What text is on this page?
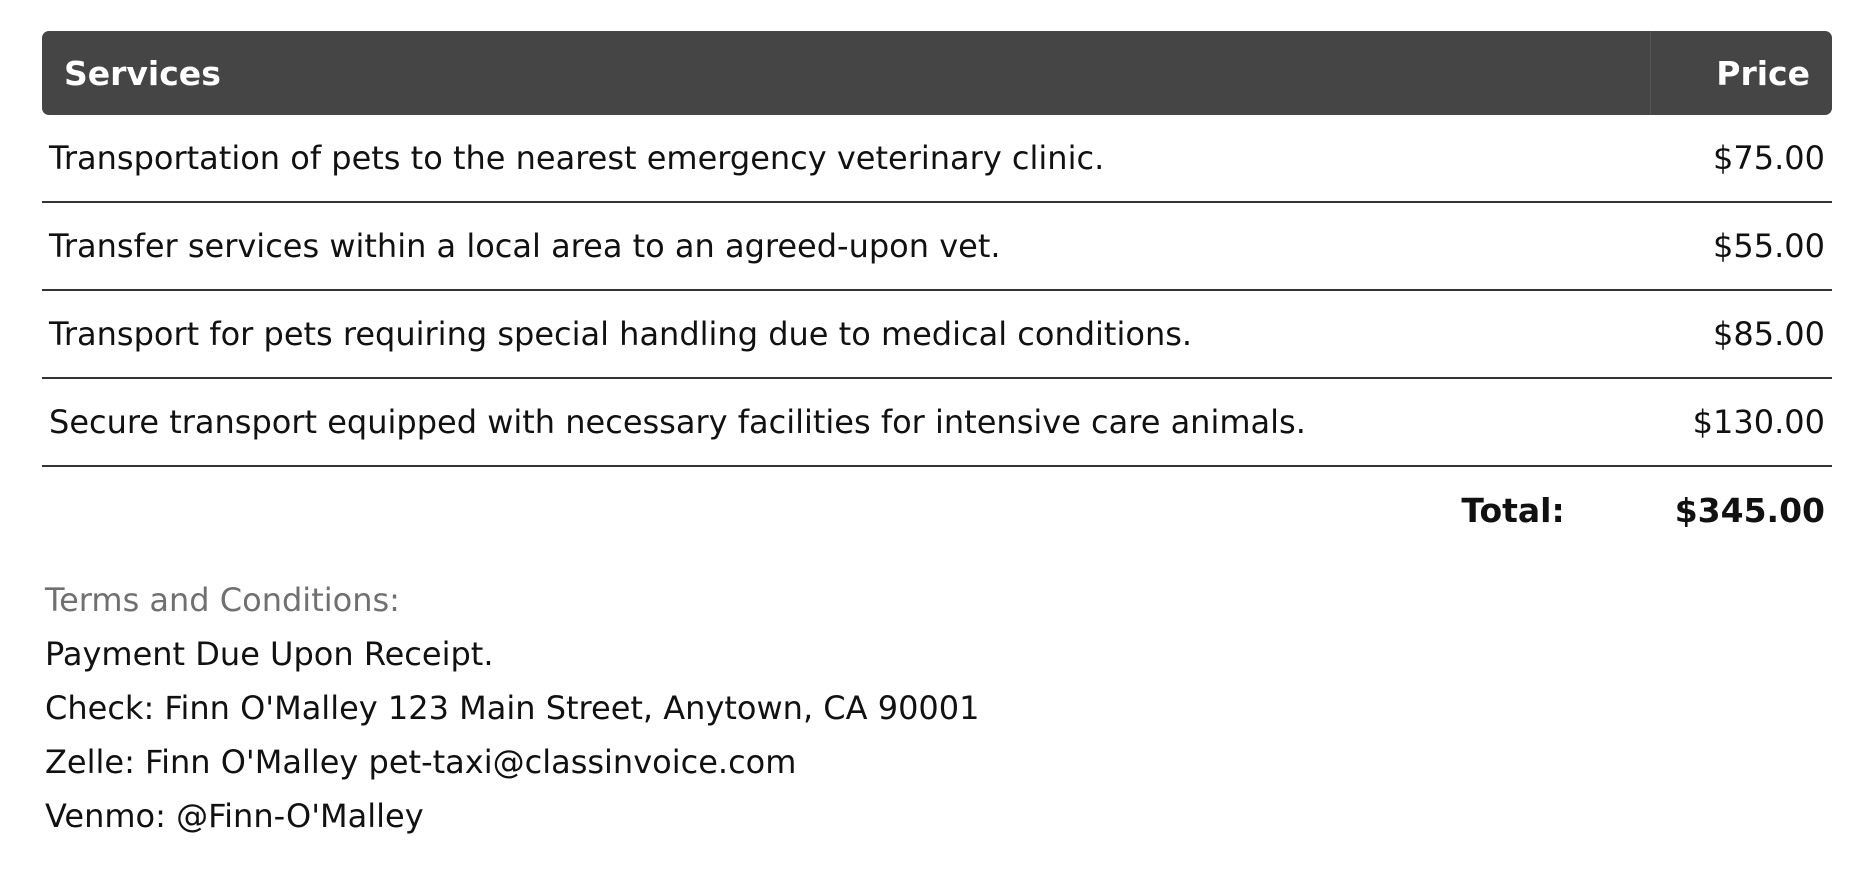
Services	Price
Transportation of pets to the nearest emergency veterinary clinic.	$75.00
Transfer services within a local area to an agreed-upon vet.	$55.00
Transport for pets requiring special handling due to medical conditions.	$85.00
Secure transport equipped with necessary facilities for intensive care animals.	$130.00
Total:	$345.00
Terms and Conditions:
Payment Due Upon Receipt.
Check: Finn O'Malley 123 Main Street, Anytown, CA 90001
Zelle: Finn O'Malley pet-taxi@classinvoice.com
Venmo: @Finn-O'Malley
